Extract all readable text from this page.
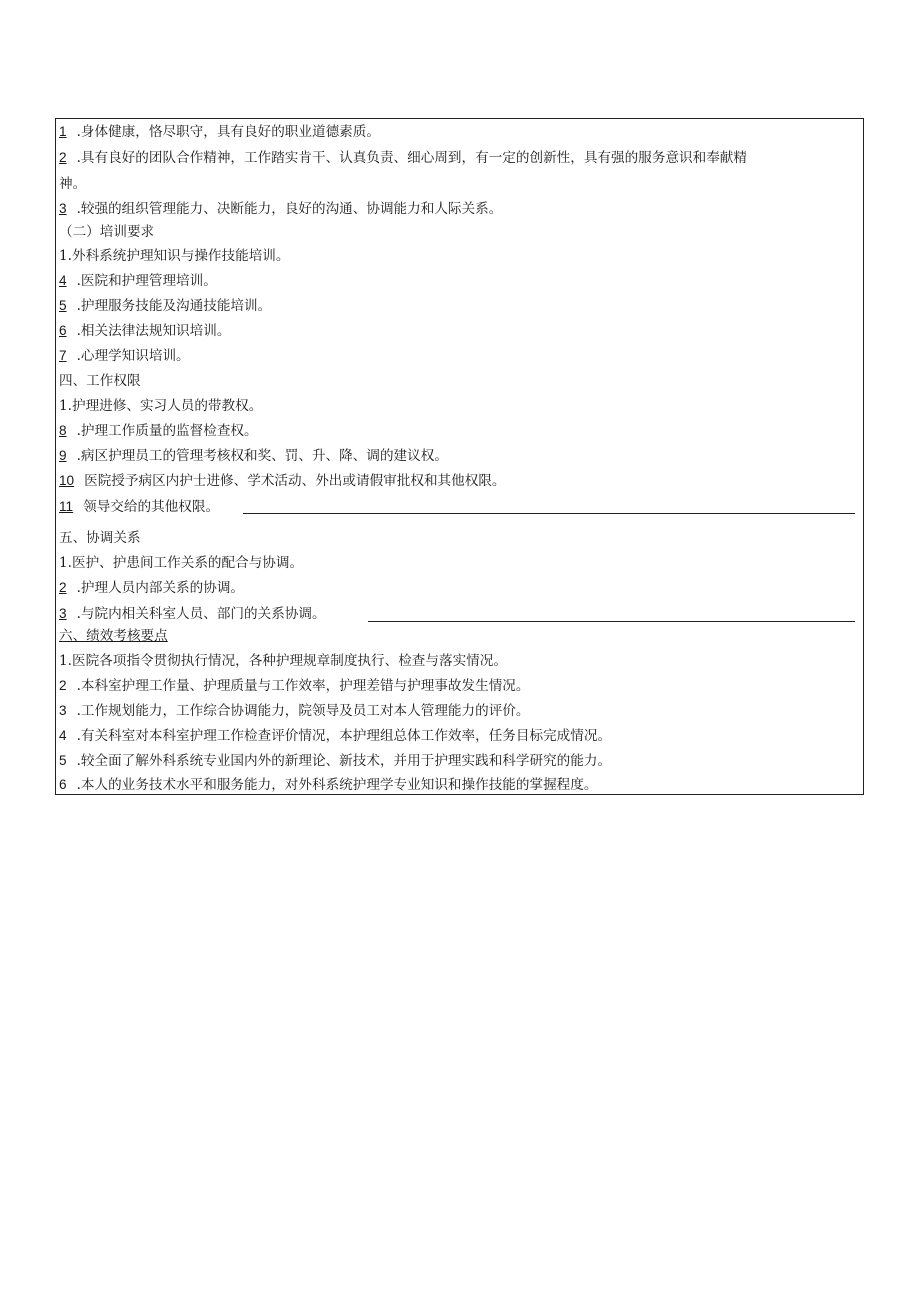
1 .身体健康，恪尽职守，具有良好的职业道德素质。
2 .具有良好的团队合作精神，工作踏实肯干、认真负责、细心周到，有一定的创新性，具有强的服务意识和奉献精
神。
3 .较强的组织管理能力、决断能力，良好的沟通、协调能力和人际关系。
（二）培训要求
1.外科系统护理知识与操作技能培训。
4 .医院和护理管理培训。
5 .护理服务技能及沟通技能培训。
6 .相关法律法规知识培训。
7 .心理学知识培训。
四、工作权限
1.护理进修、实习人员的带教权。
8 .护理工作质量的监督检查权。
9 .病区护理员工的管理考核权和奖、罚、升、降、调的建议权。
10 医院授予病区内护士进修、学术活动、外出或请假审批权和其他权限。
11 领导交给的其他权限。
五、协调关系
1.医护、护患间工作关系的配合与协调。
2 .护理人员内部关系的协调。
3 .与院内相关科室人员、部门的关系协调。
六、绩效考核要点
1.医院各项指令贯彻执行情况，各种护理规章制度执行、检查与落实情况。
2 .本科室护理工作量、护理质量与工作效率，护理差错与护理事故发生情况。
3 .工作规划能力，工作综合协调能力，院领导及员工对本人管理能力的评价。
4 .有关科室对本科室护理工作检查评价情况，本护理组总体工作效率，任务目标完成情况。
5 .较全面了解外科系统专业国内外的新理论、新技术，并用于护理实践和科学研究的能力。
6 .本人的业务技术水平和服务能力，对外科系统护理学专业知识和操作技能的掌握程度。
